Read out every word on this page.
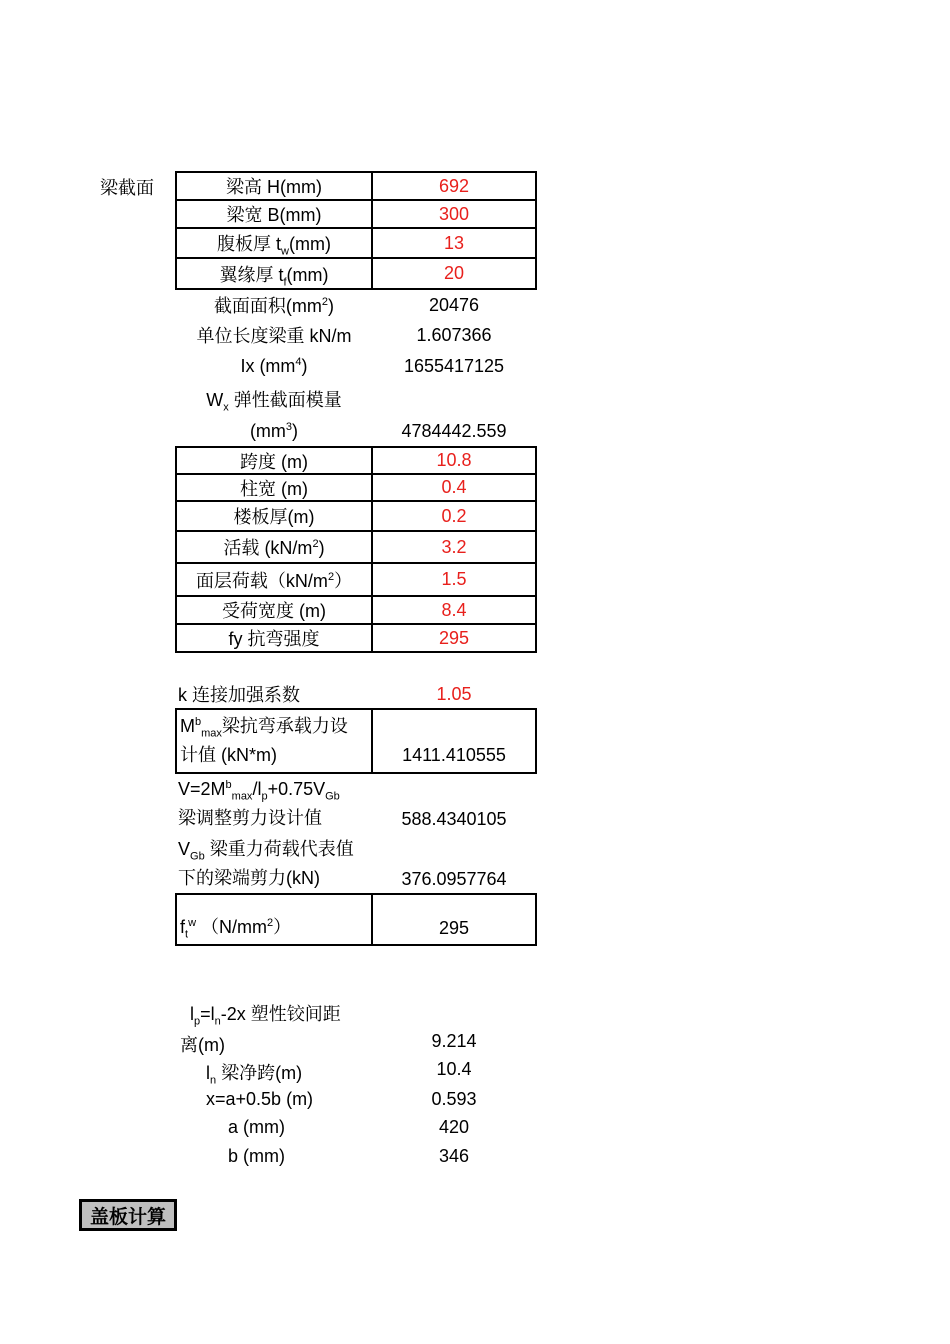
梁截面	梁高 H(mm)	692
梁宽 B(mm)	300
腹板厚 $t_w(mm)$	13
翼缘厚 $t_f(mm)$	20
截面面积$(mm^2)$	20476
单位长度梁重 kN/m	1.607366
Ix $(mm^4)$	1655417125
$W_x$ 弹性截面模量
$(mm^3)$	4784442.559
跨度 (m)	10.8
柱宽 (m)	0.4
楼板厚(m)	0.2
活载 $(kN/m^2)$	3.2
面层荷载$(kN/m^2)$	1.5
受荷宽度 (m)	8.4
fy 抗弯强度	295
k 连接加强系数	1.05
$M^b_{max}$梁抗弯承载力设
计值 (kN*m)	1411.410555
$V=2M^b_{max}/l_p+0.75V_{Gb}$
梁调整剪力设计值	588.4340105
$V_{Gb}$ 梁重力荷载代表值
下的梁端剪力(kN)	376.0957764
$f_t^w$ $(N/mm^2)$	295
$l_p=l_n-2x$ 塑性铰间距
离(m)	9.214
$l_n$ 梁净跨(m)	10.4
x=a+0.5b (m)	0.593
a (mm)	420
b (mm)	346
盖板计算
